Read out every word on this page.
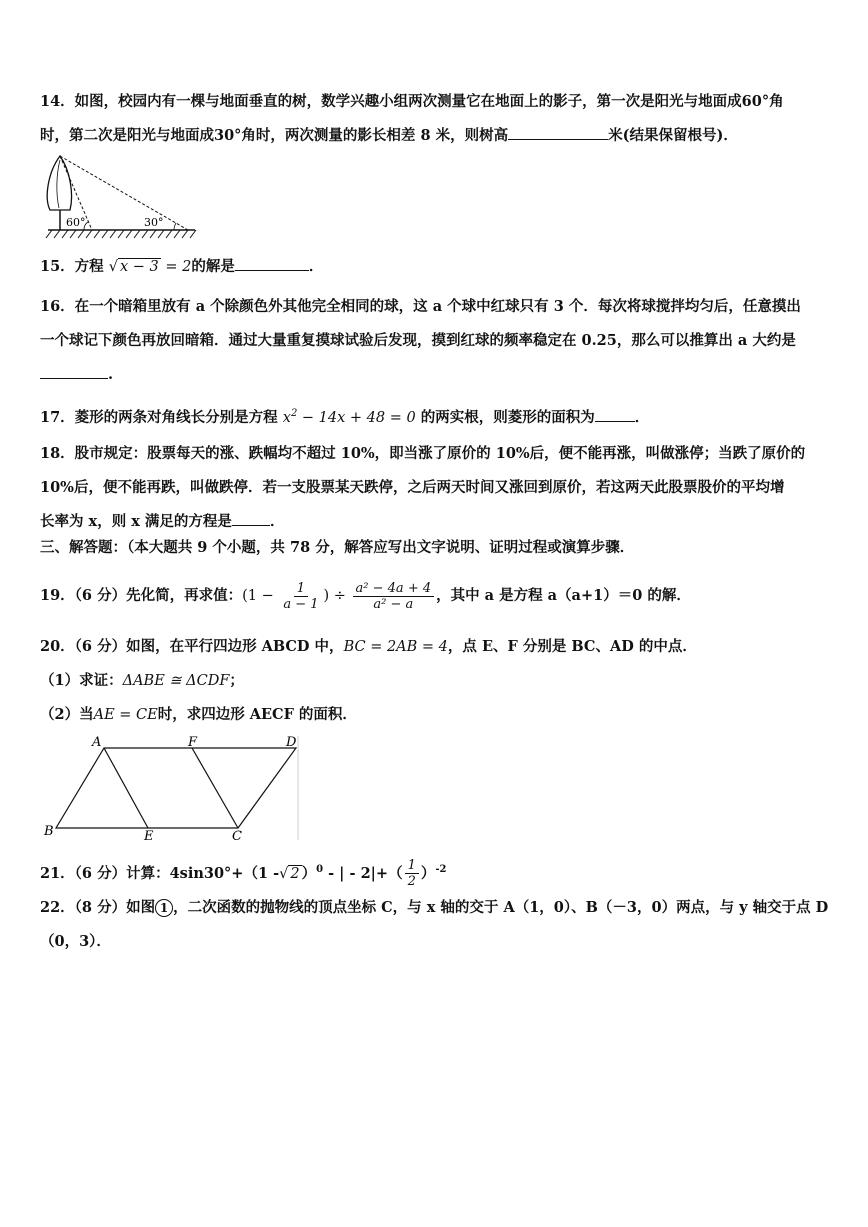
14．如图，校园内有一棵与地面垂直的树，数学兴趣小组两次测量它在地面上的影子，第一次是阳光与地面成60°角
时，第二次是阳光与地面成30°角时，两次测量的影长相差 8 米，则树高	米(结果保留根号)．
60°	30°
15．方程 √ x − 3 = 2的解是	．
16．在一个暗箱里放有 a 个除颜色外其他完全相同的球，这 a 个球中红球只有 3 个．每次将球搅拌均匀后，任意摸出
一个球记下颜色再放回暗箱．通过大量重复摸球试验后发现，摸到红球的频率稳定在 0.25，那么可以推算出 a 大约是
.
17．菱形的两条对角线长分别是方程 $x^2 - 14x + 48 = 0$ 的两实根，则菱形的面积为	．
18．股市规定：股票每天的涨、跌幅均不超过 10%，即当涨了原价的 10%后，便不能再涨，叫做涨停；当跌了原价的
10%后，便不能再跌，叫做跌停．若一支股票某天跌停，之后两天时间又涨回到原价，若这两天此股票股价的平均增
长率为 x，则 x 满足的方程是	．
三、解答题：（本大题共 9 个小题，共 78 分，解答应写出文字说明、证明过程或演算步骤．
19．（6 分）先化简，再求值：($1 - \frac{1}{a - 1}$ ) ÷ $\frac{\text{a² − 4a + 4}}{\text{a² − a}}$ ，其中 a 是方程 a（a+1）＝0 的解．
20．（6 分）如图，在平行四边形 ABCD 中，BC = 2AB = 4，点 E、F 分别是 BC、AD 的中点．
（1）求证：ΔABE ≅ ΔCDF；
（2）当AE = CE时，求四边形 AECF 的面积．
A	F	D
B	E	C
21．（6 分）计算：4sin30°+（1 -√ 2 ）$^0$ - | - $2|+( \frac{1}{2} )^{-2}$
22．（8 分）如图 1 ，二次函数的抛物线的顶点坐标 C，与 x 轴的交于 A（1，0）、B（－3，0）两点，与 y 轴交于点 D
（0，3）．
